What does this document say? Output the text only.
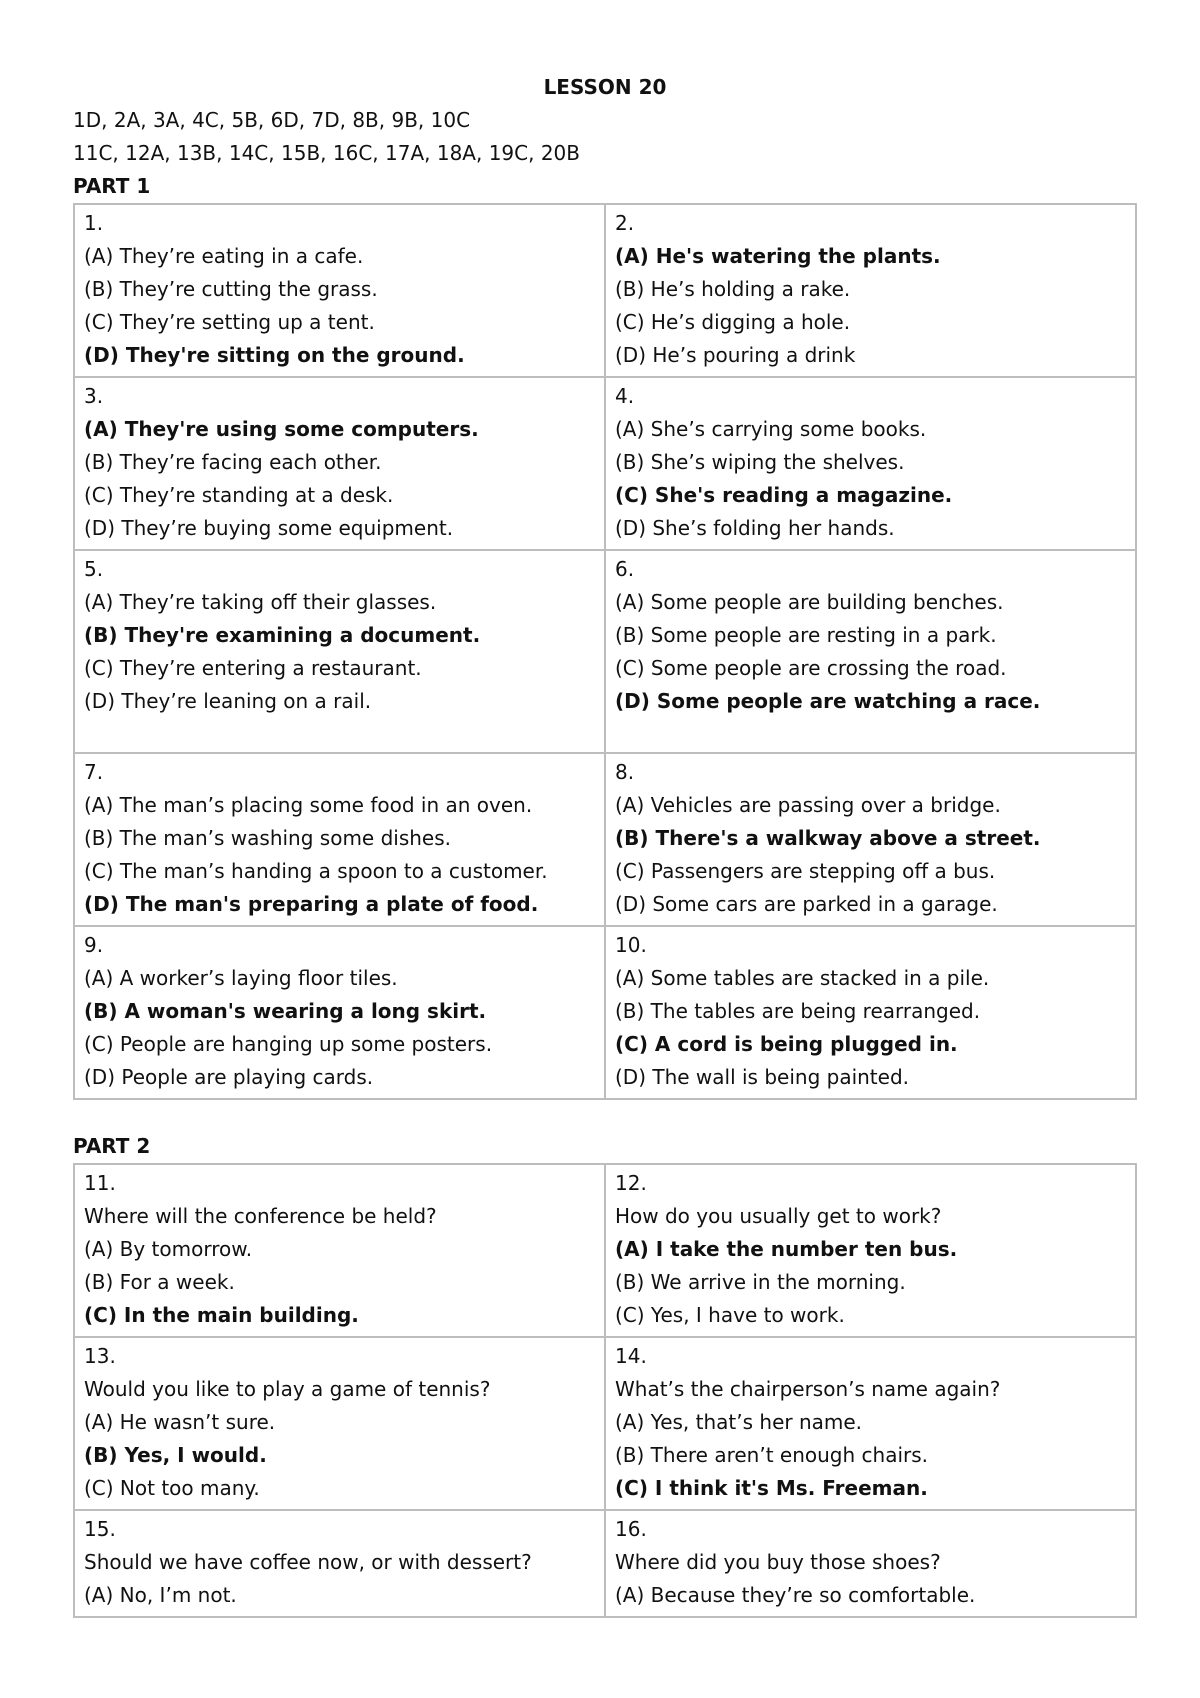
LESSON 20
1D, 2A, 3A, 4C, 5B, 6D, 7D, 8B, 9B, 10C
11C, 12A, 13B, 14C, 15B, 16C, 17A, 18A, 19C, 20B
PART 1
1.
(A) They’re eating in a cafe.
(B) They’re cutting the grass.
(C) They’re setting up a tent.
(D) They're sitting on the ground.	2.
(A) He's watering the plants.
(B) He’s holding a rake.
(C) He’s digging a hole.
(D) He’s pouring a drink

3.
(A) They're using some computers.
(B) They’re facing each other.
(C) They’re standing at a desk.
(D) They’re buying some equipment.	4.
(A) She’s carrying some books.
(B) She’s wiping the shelves.
(C) She's reading a magazine.
(D) She’s folding her hands.

5.
(A) They’re taking off their glasses.
(B) They're examining a document.
(C) They’re entering a restaurant.
(D) They’re leaning on a rail.	6.
(A) Some people are building benches.
(B) Some people are resting in a park.
(C) Some people are crossing the road.
(D) Some people are watching a race.

7.
(A) The man’s placing some food in an oven.
(B) The man’s washing some dishes.
(C) The man’s handing a spoon to a customer.
(D) The man's preparing a plate of food.	8.
(A) Vehicles are passing over a bridge.
(B) There's a walkway above a street.
(C) Passengers are stepping off a bus.
(D) Some cars are parked in a garage.

9.
(A) A worker’s laying floor tiles.
(B) A woman's wearing a long skirt.
(C) People are hanging up some posters.
(D) People are playing cards.	10.
(A) Some tables are stacked in a pile.
(B) The tables are being rearranged.
(C) A cord is being plugged in.
(D) The wall is being painted.
PART 2
11.
Where will the conference be held?
(A) By tomorrow.
(B) For a week.
(C) In the main building.	12.
How do you usually get to work?
(A) I take the number ten bus.
(B) We arrive in the morning.
(C) Yes, I have to work.

13.
Would you like to play a game of tennis?
(A) He wasn’t sure.
(B) Yes, I would.
(C) Not too many.	14.
What’s the chairperson’s name again?
(A) Yes, that’s her name.
(B) There aren’t enough chairs.
(C) I think it's Ms. Freeman.

15.
Should we have coffee now, or with dessert?
(A) No, I’m not.	16.
Where did you buy those shoes?
(A) Because they’re so comfortable.
